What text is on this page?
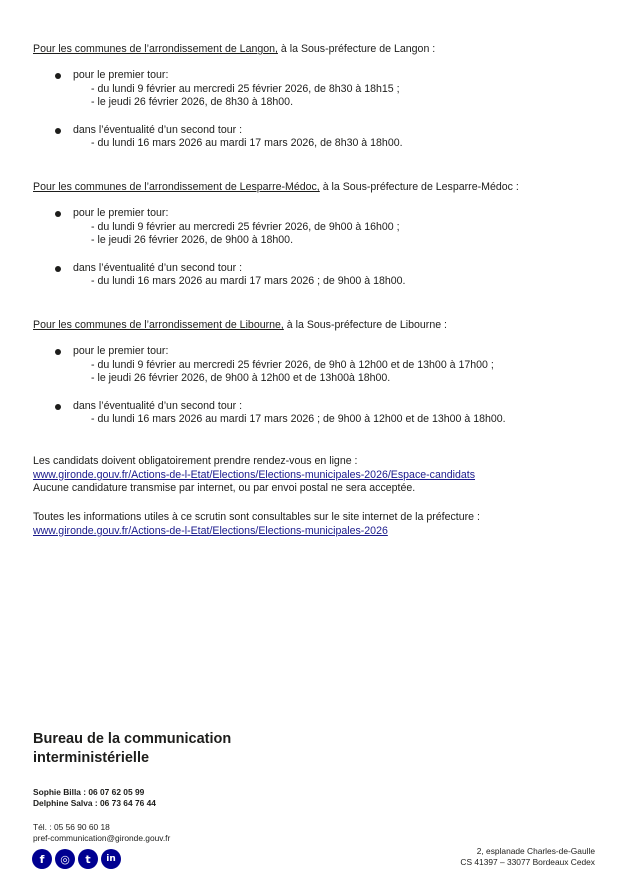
Pour les communes de l’arrondissement de Langon, à la Sous-préfecture de Langon :

pour le premier tour:
- du lundi 9 février au mercredi 25 février 2026, de 8h30 à 18h15 ;
- le jeudi 26 février 2026, de 8h30 à 18h00.
dans l’éventualité d’un second tour :
- du lundi 16 mars 2026 au mardi 17 mars 2026, de 8h30 à 18h00.

Pour les communes de l’arrondissement de Lesparre-Médoc, à la Sous-préfecture de Lesparre-Médoc :

pour le premier tour:
- du lundi 9 février au mercredi 25 février 2026, de 9h00 à 16h00 ;
- le jeudi 26 février 2026, de 9h00 à 18h00.
dans l’éventualité d’un second tour :
- du lundi 16 mars 2026 au mardi 17 mars 2026 ; de 9h00 à 18h00.

Pour les communes de l’arrondissement de Libourne, à la Sous-préfecture de Libourne :

pour le premier tour:
- du lundi 9 février au mercredi 25 février 2026, de 9h0 à 12h00 et de 13h00 à 17h00 ;
- le jeudi 26 février 2026, de 9h00 à 12h00 et de 13h00à 18h00.
dans l’éventualité d’un second tour :
- du lundi 16 mars 2026 au mardi 17 mars 2026 ; de 9h00 à 12h00 et de 13h00 à 18h00.

Les candidats doivent obligatoirement prendre rendez-vous en ligne :

www.gironde.gouv.fr/Actions-de-l-Etat/Elections/Elections-municipales-2026/Espace-candidats

Aucune candidature transmise par internet, ou par envoi postal ne sera acceptée.

Toutes les informations utiles à ce scrutin sont consultables sur le site internet de la préfecture :

www.gironde.gouv.fr/Actions-de-l-Etat/Elections/Elections-municipales-2026

Bureau de la communication
interministérielle
Sophie Billa : 06 07 62 05 99
Delphine Salva : 06 73 64 76 44
Tél. : 05 56 90 60 18
pref-communication@gironde.gouv.fr
f	◎	t	in
2, esplanade Charles-de-Gaulle
CS 41397 – 33077 Bordeaux Cedex
